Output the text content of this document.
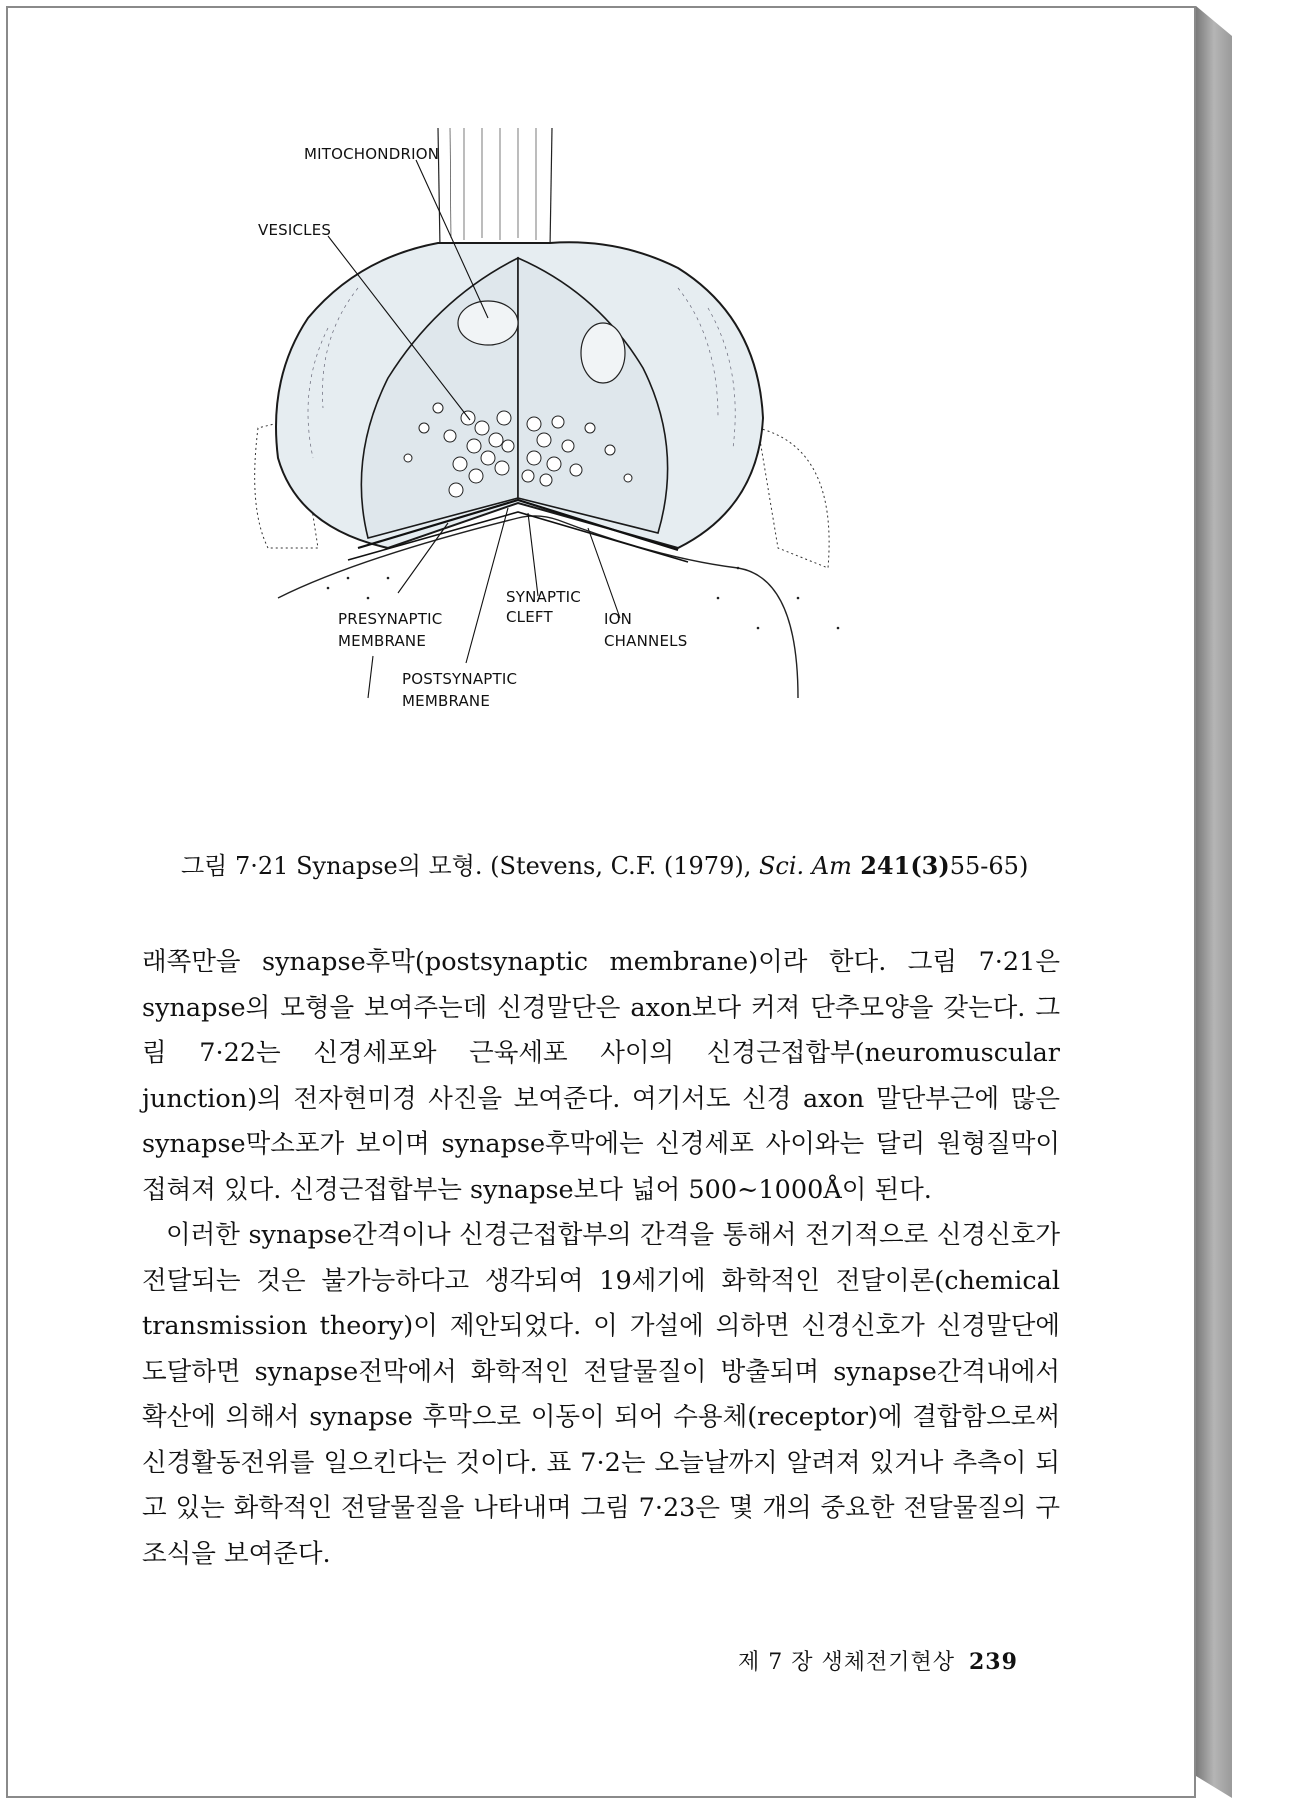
MITOCHONDRION
VESICLES
SYNAPTIC
CLEFT
PRESYNAPTIC
MEMBRANE
ION
CHANNELS
POSTSYNAPTIC
MEMBRANE
그림 7·21 Synapse의 모형. (Stevens, C.F. (1979), Sci. Am 241(3)55-65)

래쪽만을 synapse후막(postsynaptic membrane)이라 한다. 그림 7·21은 synapse의 모형을 보여주는데 신경말단은 axon보다 커져 단추모양을 갖는다. 그림 7·22는 신경세포와 근육세포 사이의 신경근접합부(neuromuscular junction)의 전자현미경 사진을 보여준다. 여기서도 신경 axon 말단부근에 많은 synapse막소포가 보이며 synapse후막에는 신경세포 사이와는 달리 원형질막이 접혀져 있다. 신경근접합부는 synapse보다 넓어 500∼1000Å이 된다.

이러한 synapse간격이나 신경근접합부의 간격을 통해서 전기적으로 신경신호가 전달되는 것은 불가능하다고 생각되여 19세기에 화학적인 전달이론(chemical transmission theory)이 제안되었다. 이 가설에 의하면 신경신호가 신경말단에 도달하면 synapse전막에서 화학적인 전달물질이 방출되며 synapse간격내에서 확산에 의해서 synapse 후막으로 이동이 되어 수용체(receptor)에 결합함으로써 신경활동전위를 일으킨다는 것이다. 표 7·2는 오늘날까지 알려져 있거나 추측이 되고 있는 화학적인 전달물질을 나타내며 그림 7·23은 몇 개의 중요한 전달물질의 구조식을 보여준다.

제 7 장 생체전기현상 239
